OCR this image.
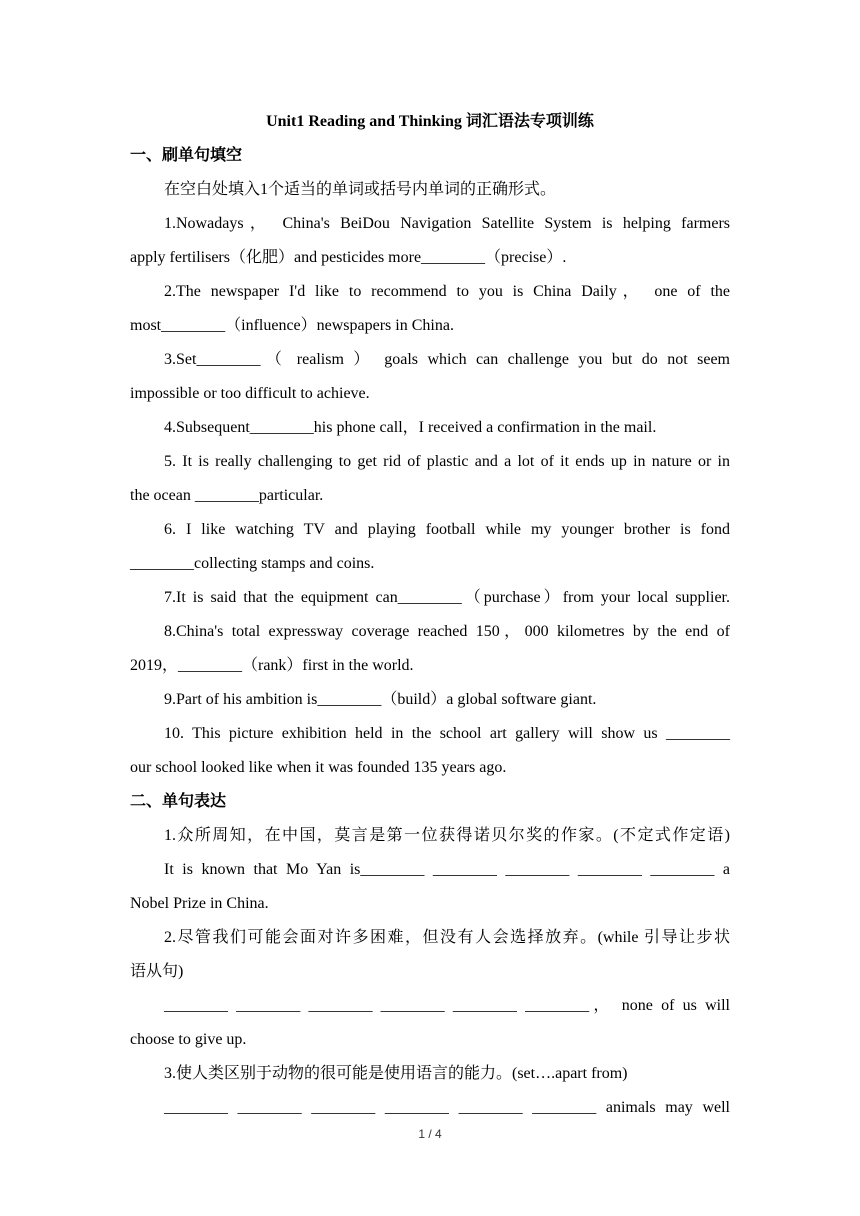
Unit1 Reading and Thinking 词汇语法专项训练
一、刷单句填空
在空白处填入1个适当的单词或括号内单词的正确形式。
1.Nowadays， China's BeiDou Navigation Satellite System is helping farmers
apply fertilisers（化肥）and pesticides more________（precise）.
2.The newspaper I'd like to recommend to you is China Daily， one of the
most________（influence）newspapers in China.
3.Set________（ realism ） goals which can challenge you but do not seem
impossible or too difficult to achieve.
4.Subsequent________his phone call，I received a confirmation in the mail.
5. It is really challenging to get rid of plastic and a lot of it ends up in nature or in
the ocean ________particular.
6. I like watching TV and playing football while my younger brother is fond
________collecting stamps and coins.
7.It is said that the equipment can________（purchase）from your local supplier.
8.China's total expressway coverage reached 150，000 kilometres by the end of
2019，________（rank）first in the world.
9.Part of his ambition is________（build）a global software giant.
10. This picture exhibition held in the school art gallery will show us ________
our school looked like when it was founded 135 years ago.
二、单句表达
1.众所周知，在中国，莫言是第一位获得诺贝尔奖的作家。(不定式作定语)
It is known that Mo Yan is________ ________ ________ ________ ________ a
Nobel Prize in China.
2.尽管我们可能会面对许多困难，但没有人会选择放弃。(while 引导让步状
语从句)
________ ________ ________ ________ ________ ________， none of us will
choose to give up.
3.使人类区别于动物的很可能是使用语言的能力。(set….apart from)
________ ________ ________ ________ ________ ________ animals may well
1 / 4
